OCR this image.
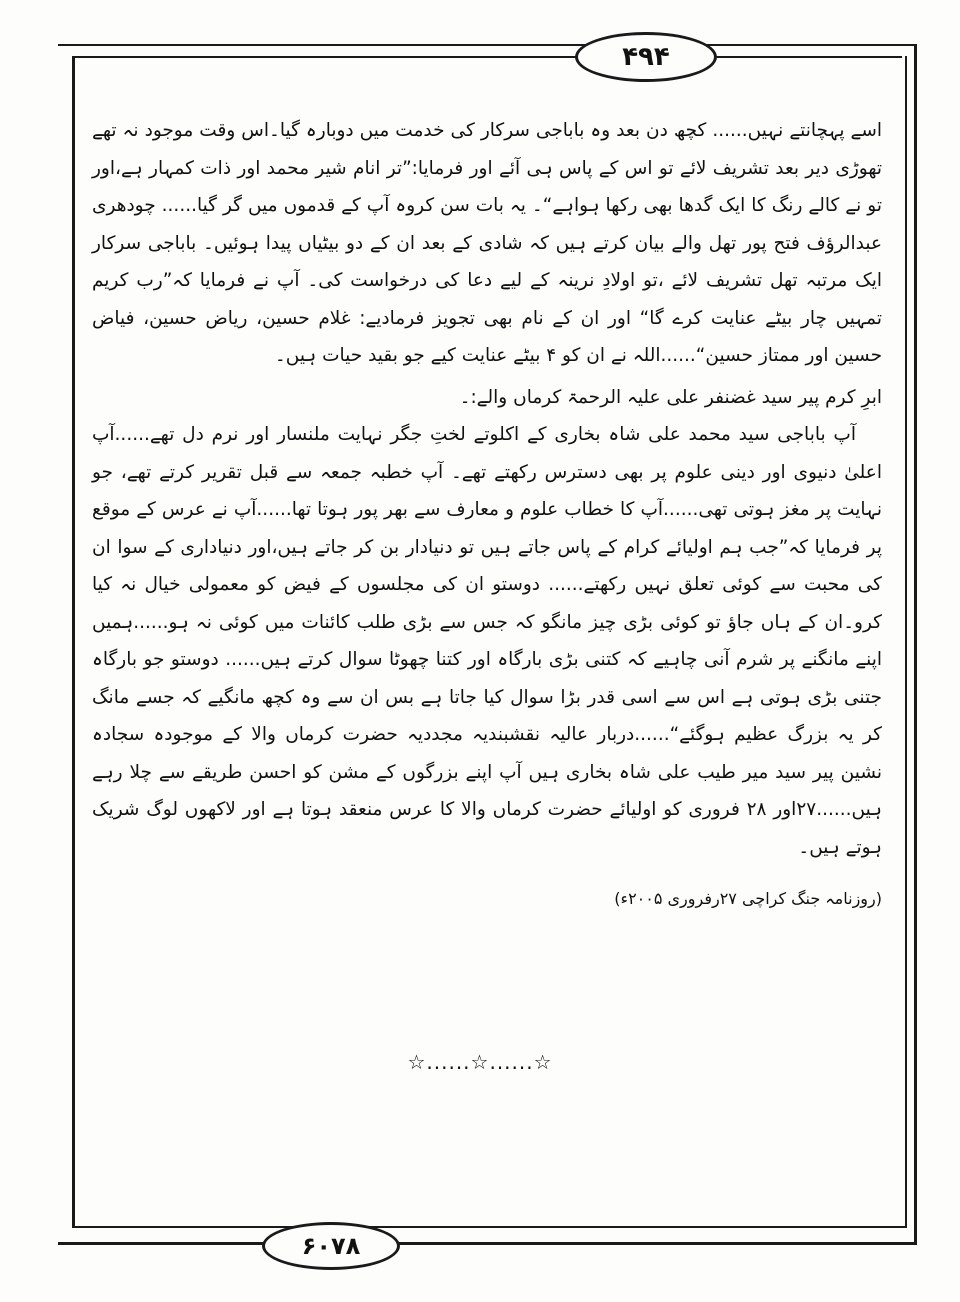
۴۹۴

اسے پہچانتے نہیں...... کچھ دن بعد وہ باباجی سرکار کی خدمت میں دوبارہ گیا۔اس وقت موجود نہ تھے تھوڑی دیر بعد تشریف لائے تو اس کے پاس ہی آئے اور فرمایا:”تر انام شیر محمد اور ذات کمہار ہے،اور تو نے کالے رنگ کا ایک گدھا بھی رکھا ہواہے“۔ یہ بات سن کروہ آپ کے قدموں میں گر گیا...... چودھری عبدالرؤف فتح پور تھل والے بیان کرتے ہیں کہ شادی کے بعد ان کے دو بیٹیاں پیدا ہوئیں۔ باباجی سرکار ایک مرتبہ تھل تشریف لائے ،تو اولادِ نرینہ کے لیے دعا کی درخواست کی۔ آپ نے فرمایا کہ”رب کریم تمہیں چار بیٹے عنایت کرے گا“ اور ان کے نام بھی تجویز فرمادیے: غلام حسین، ریاض حسین، فیاض حسین اور ممتاز حسین“......اللہ نے ان کو ۴ بیٹے عنایت کیے جو بقید حیات ہیں۔

ابرِ کرم پیر سید غضنفر علی علیہ الرحمۃ کرماں والے:۔

آپ باباجی سید محمد علی شاہ بخاری کے اکلوتے لختِ جگر نہایت ملنسار اور نرم دل تھے......آپ اعلیٰ دنیوی اور دینی علوم پر بھی دسترس رکھتے تھے۔ آپ خطبہ جمعہ سے قبل تقریر کرتے تھے، جو نہایت پر مغز ہوتی تھی......آپ کا خطاب علوم و معارف سے بھر پور ہوتا تھا......آپ نے عرس کے موقع پر فرمایا کہ”جب ہم اولیائے کرام کے پاس جاتے ہیں تو دنیادار بن کر جاتے ہیں،اور دنیاداری کے سوا ان کی محبت سے کوئی تعلق نہیں رکھتے...... دوستو ان کی مجلسوں کے فیض کو معمولی خیال نہ کیا کرو۔ان کے ہاں جاؤ تو کوئی بڑی چیز مانگو کہ جس سے بڑی طلب کائنات میں کوئی نہ ہو......ہمیں اپنے مانگنے پر شرم آنی چاہیے کہ کتنی بڑی بارگاہ اور کتنا چھوٹا سوال کرتے ہیں...... دوستو جو بارگاہ جتنی بڑی ہوتی ہے اس سے اسی قدر بڑا سوال کیا جاتا ہے بس ان سے وہ کچھ مانگیے کہ جسے مانگ کر یہ بزرگ عظیم ہوگئے“......دربار عالیہ نقشبندیہ مجددیہ حضرت کرماں والا کے موجودہ سجادہ نشین پیر سید میر طیب علی شاہ بخاری ہیں آپ اپنے بزرگوں کے مشن کو احسن طریقے سے چلا رہے ہیں......۲۷اور ۲۸ فروری کو اولیائے حضرت کرماں والا کا عرس منعقد ہوتا ہے اور لاکھوں لوگ شریک ہوتے ہیں۔

(روزنامہ جنگ کراچی ۲۷رفروری ۲۰۰۵ء)

☆......☆......☆
۶۰۷۸
